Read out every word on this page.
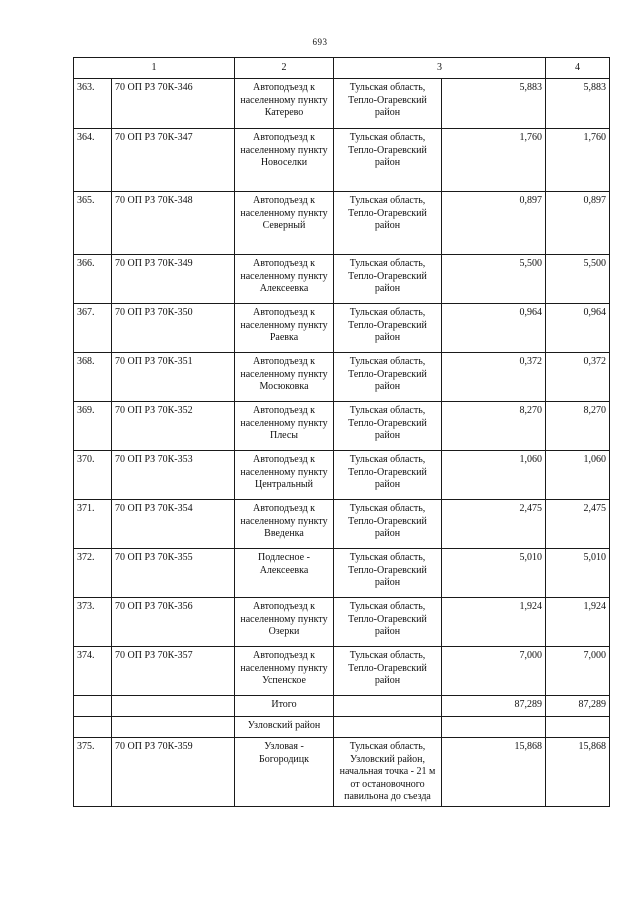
693
1		2	3		4
363.	70 ОП РЗ 70К-346	Автоподъезд к
населенному пункту
Катерево	Тульская область,
Тепло-Огаревский
район	5,883	5,883
364.	70 ОП РЗ 70К-347	Автоподъезд к
населенному пункту
Новоселки	Тульская область,
Тепло-Огаревский
район	1,760	1,760
365.	70 ОП РЗ 70К-348	Автоподъезд к
населенному пункту
Северный	Тульская область,
Тепло-Огаревский
район	0,897	0,897
366.	70 ОП РЗ 70К-349	Автоподъезд к
населенному пункту
Алексеевка	Тульская область,
Тепло-Огаревский
район	5,500	5,500
367.	70 ОП РЗ 70К-350	Автоподъезд к
населенному пункту
Раевка	Тульская область,
Тепло-Огаревский
район	0,964	0,964
368.	70 ОП РЗ 70К-351	Автоподъезд к
населенному пункту
Мосюковка	Тульская область,
Тепло-Огаревский
район	0,372	0,372
369.	70 ОП РЗ 70К-352	Автоподъезд к
населенному пункту
Плесы	Тульская область,
Тепло-Огаревский
район	8,270	8,270
370.	70 ОП РЗ 70К-353	Автоподъезд к
населенному пункту
Центральный	Тульская область,
Тепло-Огаревский
район	1,060	1,060
371.	70 ОП РЗ 70К-354	Автоподъезд к
населенному пункту
Введенка	Тульская область,
Тепло-Огаревский
район	2,475	2,475
372.	70 ОП РЗ 70К-355	Подлесное -
Алексеевка	Тульская область,
Тепло-Огаревский
район	5,010	5,010
373.	70 ОП РЗ 70К-356	Автоподъезд к
населенному пункту
Озерки	Тульская область,
Тепло-Огаревский
район	1,924	1,924
374.	70 ОП РЗ 70К-357	Автоподъезд к
населенному пункту
Успенское	Тульская область,
Тепло-Огаревский
район	7,000	7,000
		Итого		87,289	87,289
		Узловский район			
375.	70 ОП РЗ 70К-359	Узловая -
Богородицк	Тульская область,
Узловский район,
начальная точка - 21 м
от остановочного
павильона до съезда	15,868	15,868
